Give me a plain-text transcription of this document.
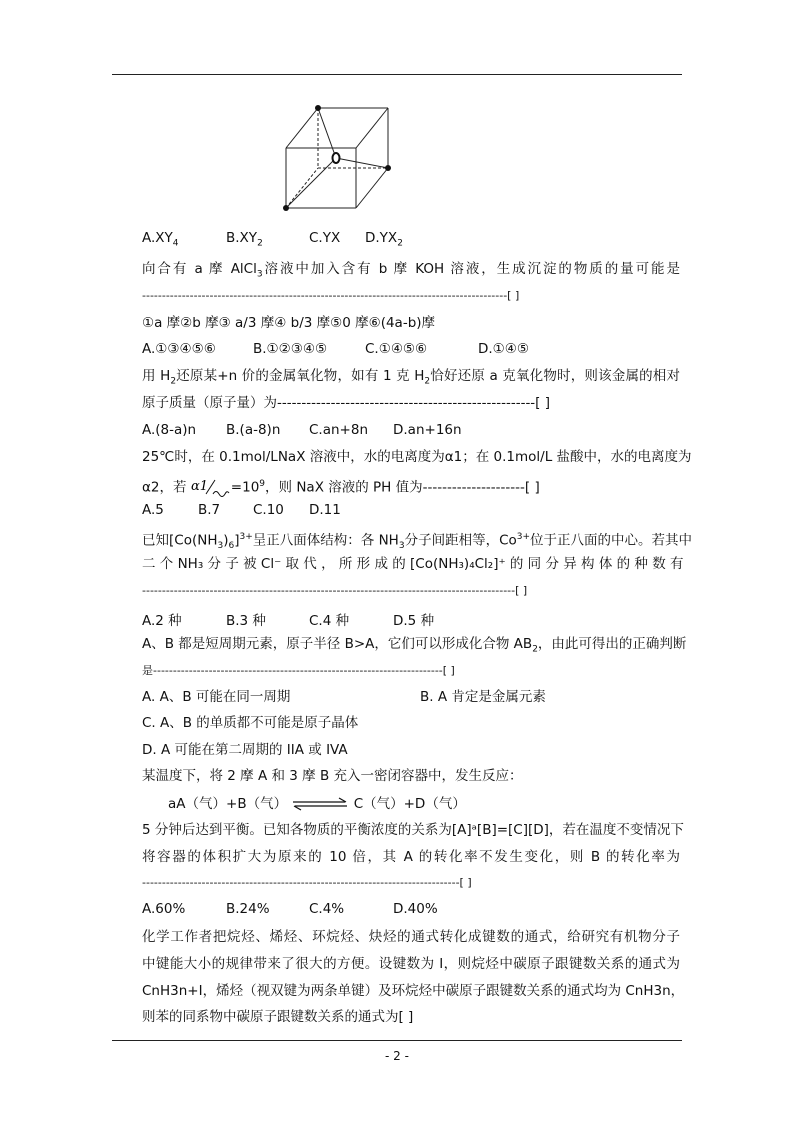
$A.XY_4$	$B.XY_2$	C.YX $D.YX_2$
向合有 a 摩 AlCl$_3$溶液中加入含有 b 摩 KOH 溶液，生成沉淀的物质的量可能是
--------------------------------------------------------------------------------------------[ ]
①a 摩②b 摩③ a/3 摩④ b/3 摩⑤0 摩⑥(4a-b)摩
A.①③④⑤⑥	B.①②③④⑤	C.①④⑤⑥	D.①④⑤
用 $H_2$还原某+n 价的金属氧化物，如有 1 克 $H_2$恰好还原 a 克氧化物时，则该金属的相对
原子质量（原子量）为-----------------------------------------------------[ ]
A.(8-a)n B.(a-8)n C.an+8n D.an+16n
25℃时，在 0.1mol/LNaX 溶液中，水的电离度为α1；在 0.1mol/L 盐酸中，水的电离度为
α2，若 $\alpha 1 =10^9$，则 NaX 溶液的 PH 值为---------------------[ ]
A.5	B.7 C.10 D.11
已知$[Co(NH_3)_6]^{3+}$呈正八面体结构：各 $NH_3$分子间距相等，$Co^{3+}$位于正八面的中心。若其中
二 个 NH₃ 分 子 被 Cl⁻ 取 代 ， 所 形 成 的 [Co(NH₃)₄Cl₂]⁺ 的 同 分 异 构 体 的 种 数 有
----------------------------------------------------------------------------------------------[ ]
A.2 种	B.3 种	C.4 种	D.5 种
A、B 都是短周期元素，原子半径 B>A，它们可以形成化合物 $AB_2$，由此可得出的正确判断
是-------------------------------------------------------------------------[ ]
A. A、B 可能在同一周期	B. A 肯定是金属元素
C. A、B 的单质都不可能是原子晶体
D. A 可能在第二周期的 IIA 或 IVA
某温度下，将 2 摩 A 和 3 摩 B 充入一密闭容器中，发生反应：
aA（气）+B（气）	C（气）+D（气）
5 分钟后达到平衡。已知各物质的平衡浓度的关系为[A]ᵃ[B]=[C][D]，若在温度不变情况下
将容器的体积扩大为原来的 10 倍，其 A 的转化率不发生变化，则 B 的转化率为
--------------------------------------------------------------------------------[ ]
A.60%	B.24%	C.4%	D.40%
化学工作者把烷烃、烯烃、环烷烃、炔烃的通式转化成键数的通式，给研究有机物分子
中键能大小的规律带来了很大的方便。设键数为 I，则烷烃中碳原子跟键数关系的通式为
CnH3n+I，烯烃（视双键为两条单键）及环烷烃中碳原子跟键数关系的通式均为 CnH3n，
则苯的同系物中碳原子跟键数关系的通式为[ ]
- 2 -
